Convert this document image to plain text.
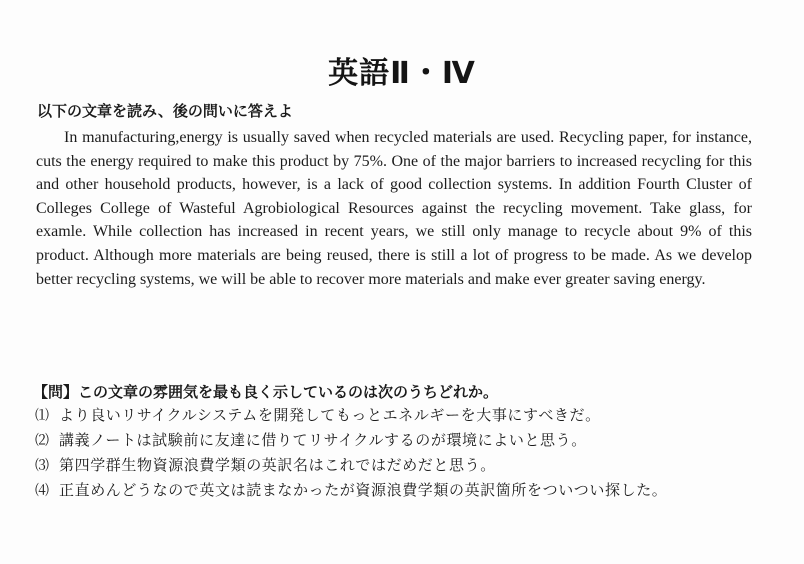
英語Ⅱ・Ⅳ
以下の文章を読み、後の問いに答えよ

In manufacturing,energy is usually saved when recycled materials are used. Recycling paper, for instance, cuts the energy required to make this product by 75%. One of the major barriers to increased recycling for this and other household products, however, is a lack of good collection systems. In addition Fourth Cluster of Colleges College of Wasteful Agrobiological Resources against the recycling movement. Take glass, for examle. While collection has increased in recent years, we still only manage to recycle about 9% of this product. Although more materials are being reused, there is still a lot of progress to be made. As we develop better recycling systems, we will be able to recover more materials and make ever greater saving energy.

【問】この文章の雰囲気を最も良く示しているのは次のうちどれか。
⑴ より良いリサイクルシステムを開発してもっとエネルギーを大事にすべきだ。
⑵ 講義ノートは試験前に友達に借りてリサイクルするのが環境によいと思う。
⑶ 第四学群生物資源浪費学類の英訳名はこれではだめだと思う。
⑷ 正直めんどうなので英文は読まなかったが資源浪費学類の英訳箇所をついつい探した。
